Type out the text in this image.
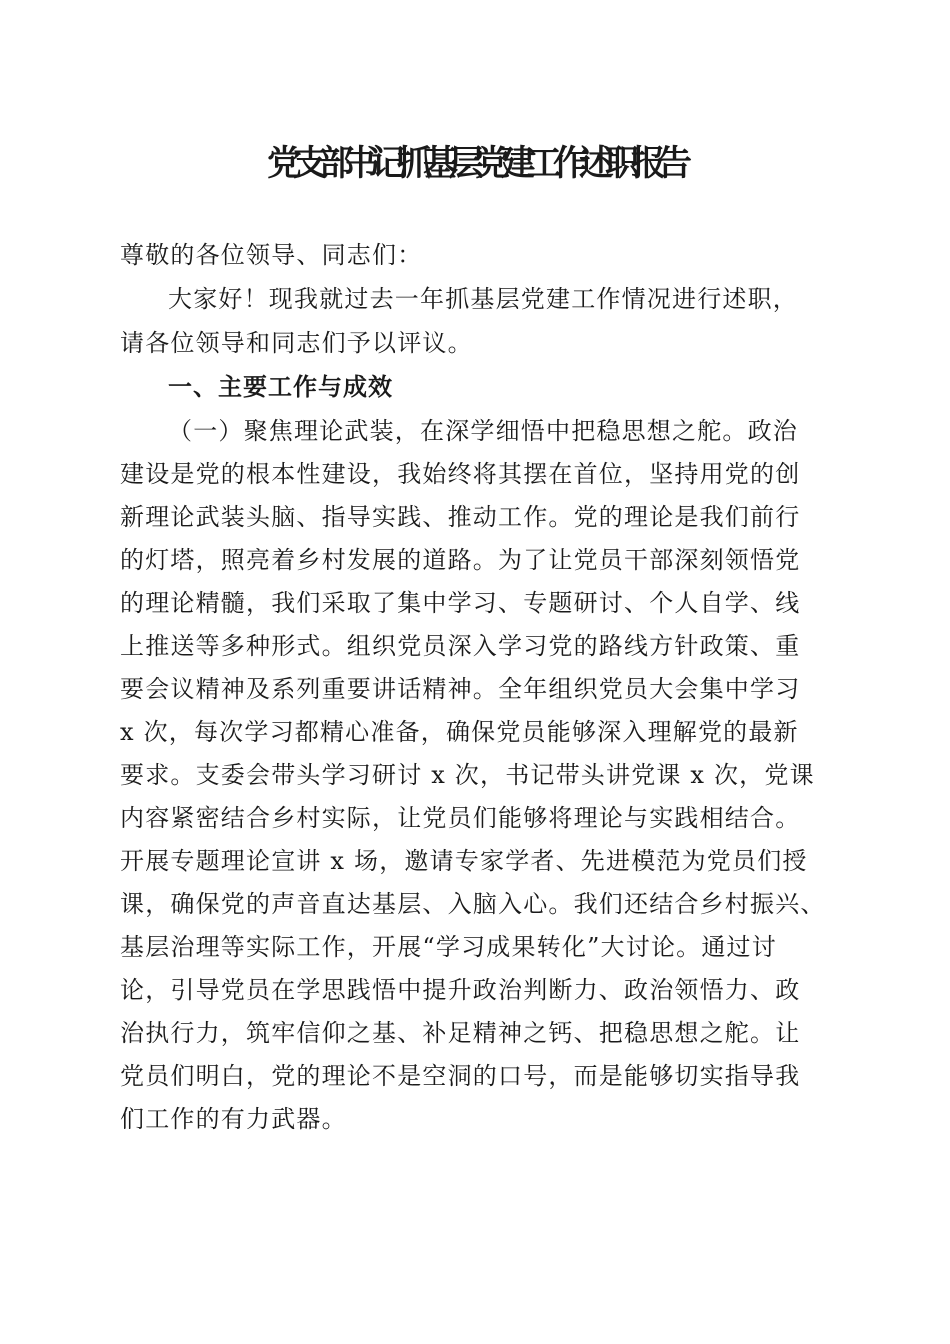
党支部书记抓基层党建工作述职报告
尊敬的各位领导、同志们：
大家好！现我就过去一年抓基层党建工作情况进行述职，
请各位领导和同志们予以评议。
一、主要工作与成效
（一）聚焦理论武装，在深学细悟中把稳思想之舵。政治
建设是党的根本性建设，我始终将其摆在首位，坚持用党的创
新理论武装头脑、指导实践、推动工作。党的理论是我们前行
的灯塔，照亮着乡村发展的道路。为了让党员干部深刻领悟党
的理论精髓，我们采取了集中学习、专题研讨、个人自学、线
上推送等多种形式。组织党员深入学习党的路线方针政策、重
要会议精神及系列重要讲话精神。全年组织党员大会集中学习
x 次，每次学习都精心准备，确保党员能够深入理解党的最新
要求。支委会带头学习研讨 x 次，书记带头讲党课 x 次，党课
内容紧密结合乡村实际，让党员们能够将理论与实践相结合。
开展专题理论宣讲 x 场，邀请专家学者、先进模范为党员们授
课，确保党的声音直达基层、入脑入心。我们还结合乡村振兴、
基层治理等实际工作，开展“学习成果转化”大讨论。通过讨
论，引导党员在学思践悟中提升政治判断力、政治领悟力、政
治执行力，筑牢信仰之基、补足精神之钙、把稳思想之舵。让
党员们明白，党的理论不是空洞的口号，而是能够切实指导我
们工作的有力武器。
